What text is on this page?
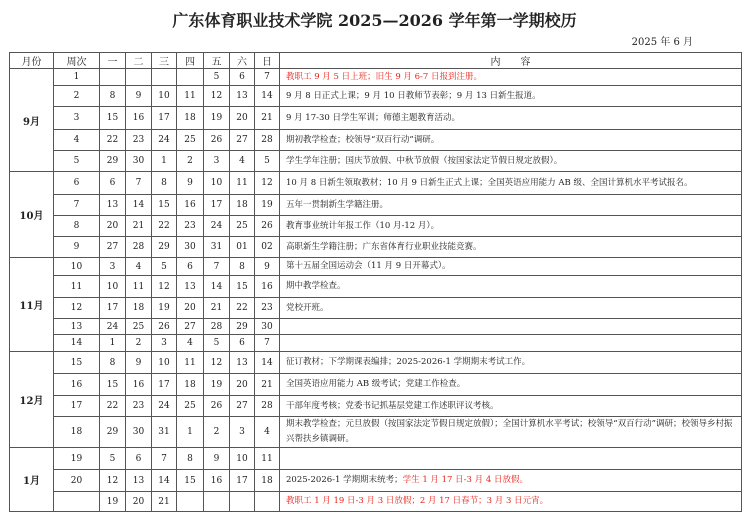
广东体育职业技术学院 2025—2026 学年第一学期校历
2025 年 6 月
月份	周次	一	二	三	四	五	六	日	内　　容
9月	1					5	6	7	教职工 9 月 5 日上班；旧生 9 月 6-7 日报到注册。
	2	8	9	10	11	12	13	14	9 月 8 日正式上课；9 月 10 日教师节表彰；9 月 13 日新生报道。
	3	15	16	17	18	19	20	21	9 月 17-30 日学生军训；师德主题教育活动。
	4	22	23	24	25	26	27	28	期初教学检查；校领导“双百行动”调研。
	5	29	30	1	2	3	4	5	学生学年注册；国庆节放假、中秋节放假（按国家法定节假日规定放假）。
10月	6	6	7	8	9	10	11	12	10 月 8 日新生领取教材；10 月 9 日新生正式上课；全国英语应用能力 AB 级、全国计算机水平考试报名。
	7	13	14	15	16	17	18	19	五年一贯制新生学籍注册。
	8	20	21	22	23	24	25	26	教育事业统计年报工作（10 月-12 月）。
	9	27	28	29	30	31	01	02	高职新生学籍注册；广东省体育行业职业技能竞赛。
11月	10	3	4	5	6	7	8	9	第十五届全国运动会（11 月 9 日开幕式）。
	11	10	11	12	13	14	15	16	期中教学检查。
	12	17	18	19	20	21	22	23	党校开班。
	13	24	25	26	27	28	29	30	
	14	1	2	3	4	5	6	7	
12月	15	8	9	10	11	12	13	14	征订教材；下学期课表编排；2025-2026-1 学期期末考试工作。
	16	15	16	17	18	19	20	21	全国英语应用能力 AB 级考试；党建工作检查。
	17	22	23	24	25	26	27	28	干部年度考核；党委书记抓基层党建工作述职评议考核。
	18	29	30	31	1	2	3	4	期末教学检查；元旦放假（按国家法定节假日规定放假）；全国计算机水平考试；校领导“双百行动”调研；校领导乡村振兴帮扶乡镇调研。
1月	19	5	6	7	8	9	10	11	
	20	12	13	14	15	16	17	18	2025-2026-1 学期期末统考；学生 1 月 17 日-3 月 4 日放假。
		19	20	21					教职工 1 月 19 日-3 月 3 日放假；2 月 17 日春节；3 月 3 日元宵。
